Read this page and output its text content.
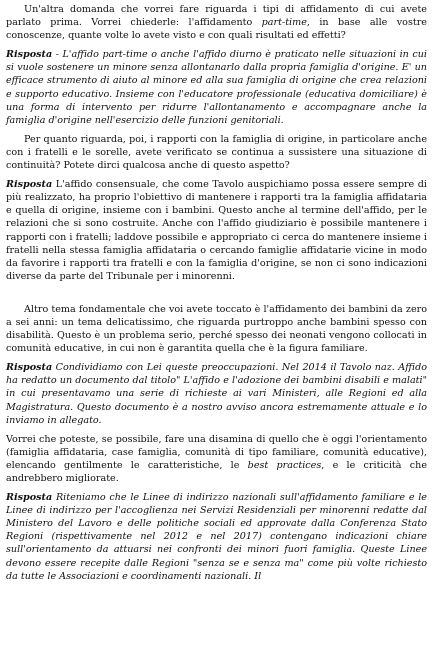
Un'altra domanda che vorrei fare riguarda i tipi di affidamento di cui avete parlato prima. Vorrei chiederle: l'affidamento part-time, in base alle vostre conoscenze, quante volte lo avete visto e con quali risultati ed effetti?

Risposta - L'affido part-time o anche l'affido diurno è praticato nelle situazioni in cui si vuole sostenere un minore senza allontanarlo dalla propria famiglia d'origine. E' un efficace strumento di aiuto al minore ed alla sua famiglia di origine che crea relazioni e supporto educativo. Insieme con l'educatore professionale (educativa domiciliare) è una forma di intervento per ridurre l'allontanamento e accompagnare anche la famiglia d'origine nell'esercizio delle funzioni genitoriali.

Per quanto riguarda, poi, i rapporti con la famiglia di origine, in particolare anche con i fratelli e le sorelle, avete verificato se continua a sussistere una situazione di continuità? Potete dirci qualcosa anche di questo aspetto?

Risposta L'affido consensuale, che come Tavolo auspichiamo possa essere sempre di più realizzato, ha proprio l'obiettivo di mantenere i rapporti tra la famiglia affidataria e quella di origine, insieme con i bambini. Questo anche al termine dell'affido, per le relazioni che si sono costruite. Anche con l'affido giudiziario è possibile mantenere i rapporti con i fratelli; laddove possibile e appropriato ci cerca do mantenere insieme i fratelli nella stessa famiglia affidataria o cercando famiglie affidatarie vicine in modo da favorire i rapporti tra fratelli e con la famiglia d'origine, se non ci sono indicazioni diverse da parte del Tribunale per i minorenni.

Altro tema fondamentale che voi avete toccato è l'affidamento dei bambini da zero a sei anni: un tema delicatissimo, che riguarda purtroppo anche bambini spesso con disabilità. Questo è un problema serio, perché spesso dei neonati vengono collocati in comunità educative, in cui non è garantita quella che è la figura familiare.

Risposta Condividiamo con Lei queste preoccupazioni. Nel 2014 il Tavolo naz. Affido ha redatto un documento dal titolo" L'affido e l'adozione dei bambini disabili e malati" in cui presentavamo una serie di richieste ai vari Ministeri, alle Regioni ed alla Magistratura. Questo documento è a nostro avviso ancora estremamente attuale e lo inviamo in allegato.

Vorrei che poteste, se possibile, fare una disamina di quello che è oggi l'orientamento (famiglia affidataria, case famiglia, comunità di tipo familiare, comunità educative), elencando gentilmente le caratteristiche, le best practices, e le criticità che andrebbero migliorate.

Risposta Riteniamo che le Linee di indirizzo nazionali sull'affidamento familiare e le Linee di indirizzo per l'accoglienza nei Servizi Residenziali per minorenni redatte dal Ministero del Lavoro e delle politiche sociali ed approvate dalla Conferenza Stato Regioni (rispettivamente nel 2012 e nel 2017) contengano indicazioni chiare sull'orientamento da attuarsi nei confronti dei minori fuori famiglia. Queste Linee devono essere recepite dalle Regioni "senza se e senza ma" come più volte richiesto da tutte le Associazioni e coordinamenti nazionali. Il
